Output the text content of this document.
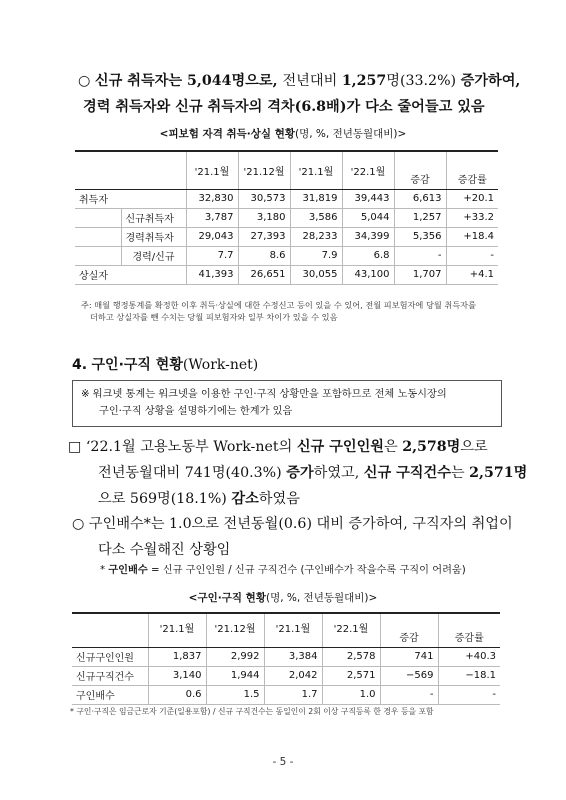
○ 신규 취득자는 5,044명으로, 전년대비 1,257명(33.2%) 증가하여,
경력 취득자와 신규 취득자의 격차(6.8배)가 다소 줄어들고 있음
<피보험 자격 취득·상실 현황(명, %, 전년동월대비)>
		'21.1월	'21.12월	'21.1월	'22.1월	증감	증감률
취득자		32,830	30,573	31,819	39,443	6,613	+20.1
	신규취득자	3,787	3,180	3,586	5,044	1,257	+33.2
	경력취득자	29,043	27,393	28,233	34,399	5,356	+18.4
	경력/신규	7.7	8.6	7.9	6.8	-	-
상실자		41,393	26,651	30,055	43,100	1,707	+4.1
주: 매월 행정통계를 확정한 이후 취득·상실에 대한 수정신고 등이 있을 수 있어, 전월 피보험자에 당월 취득자를
더하고 상실자를 뺀 수치는 당월 피보험자와 일부 차이가 있을 수 있음
4. 구인·구직 현황(Work-net)
※ 워크넷 통계는 워크넷을 이용한 구인·구직 상황만을 포함하므로 전체 노동시장의
구인·구직 상황을 설명하기에는 한계가 있음
□ ‘22.1월 고용노동부 Work-net의 신규 구인인원은 2,578명으로
전년동월대비 741명(40.3%) 증가하였고, 신규 구직건수는 2,571명
으로 569명(18.1%) 감소하였음
○ 구인배수*는 1.0으로 전년동월(0.6) 대비 증가하여, 구직자의 취업이
다소 수월해진 상황임
* 구인배수 = 신규 구인인원 / 신규 구직건수 (구인배수가 작을수록 구직이 어려움)
<구인·구직 현황(명, %, 전년동월대비)>
	'21.1월	'21.12월	'21.1월	'22.1월	증감	증감률
신규구인인원	1,837	2,992	3,384	2,578	741	+40.3
신규구직건수	3,140	1,944	2,042	2,571	−569	−18.1
구인배수	0.6	1.5	1.7	1.0	-	-
* 구인·구직은 임금근로자 기준(일용포함) / 신규 구직건수는 동일인이 2회 이상 구직등록 한 경우 등을 포함
- 5 -
